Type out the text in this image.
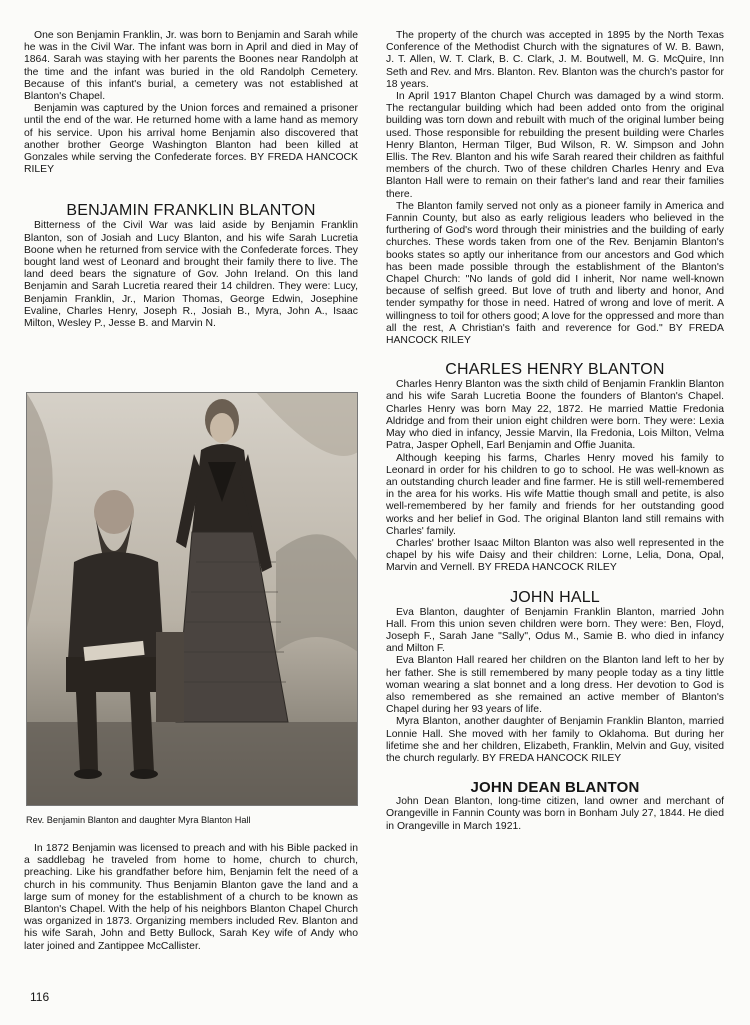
One son Benjamin Franklin, Jr. was born to Benjamin and Sarah while he was in the Civil War. The infant was born in April and died in May of 1864. Sarah was staying with her parents the Boones near Randolph at the time and the infant was buried in the old Randolph Cemetery. Because of this infant's burial, a cemetery was not established at Blanton's Chapel.

Benjamin was captured by the Union forces and remained a prisoner until the end of the war. He returned home with a lame hand as memory of his service. Upon his arrival home Benjamin also discovered that another brother George Washington Blanton had been killed at Gonzales while serving the Confederate forces. BY FREDA HANCOCK RILEY

BENJAMIN FRANKLIN BLANTON

Bitterness of the Civil War was laid aside by Benjamin Franklin Blanton, son of Josiah and Lucy Blanton, and his wife Sarah Lucretia Boone when he returned from service with the Confederate forces. They bought land west of Leonard and brought their family there to live. The land deed bears the signature of Gov. John Ireland. On this land Benjamin and Sarah Lucretia reared their 14 children. They were: Lucy, Benjamin Franklin, Jr., Marion Thomas, George Edwin, Josephine Evaline, Charles Henry, Joseph R., Josiah B., Myra, John A., Isaac Milton, Wesley P., Jesse B. and Marvin N.

Rev. Benjamin Blanton and daughter Myra Blanton Hall

In 1872 Benjamin was licensed to preach and with his Bible packed in a saddlebag he traveled from home to home, church to church, preaching. Like his grandfather before him, Benjamin felt the need of a church in his community. Thus Benjamin Blanton gave the land and a large sum of money for the establishment of a church to be known as Blanton's Chapel. With the help of his neighbors Blanton Chapel Church was organized in 1873. Organizing members included Rev. Blanton and his wife Sarah, John and Betty Bullock, Sarah Key wife of Andy who later joined and Zantippee McCallister.

116

The property of the church was accepted in 1895 by the North Texas Conference of the Methodist Church with the signatures of W. B. Bawn, J. T. Allen, W. T. Clark, B. C. Clark, J. M. Boutwell, M. G. McQuire, Inn Seth and Rev. and Mrs. Blanton. Rev. Blanton was the church's pastor for 18 years.

In April 1917 Blanton Chapel Church was damaged by a wind storm. The rectangular building which had been added onto from the original building was torn down and rebuilt with much of the original lumber being used. Those responsible for rebuilding the present building were Charles Henry Blanton, Herman Tilger, Bud Wilson, R. W. Simpson and John Ellis. The Rev. Blanton and his wife Sarah reared their children as faithful members of the church. Two of these children Charles Henry and Eva Blanton Hall were to remain on their father's land and rear their families there.

The Blanton family served not only as a pioneer family in America and Fannin County, but also as early religious leaders who believed in the furthering of God's word through their ministries and the building of early churches. These words taken from one of the Rev. Benjamin Blanton's books states so aptly our inheritance from our ancestors and God which has been made possible through the establishment of the Blanton's Chapel Church: "No lands of gold did I inherit, Nor name well-known because of selfish greed. But love of truth and liberty and honor, And tender sympathy for those in need. Hatred of wrong and love of merit. A willingness to toil for others good; A love for the oppressed and more than all the rest, A Christian's faith and reverence for God." BY FREDA HANCOCK RILEY

CHARLES HENRY BLANTON

Charles Henry Blanton was the sixth child of Benjamin Franklin Blanton and his wife Sarah Lucretia Boone the founders of Blanton's Chapel. Charles Henry was born May 22, 1872. He married Mattie Fredonia Aldridge and from their union eight children were born. They were: Lexia May who died in infancy, Jessie Marvin, Ila Fredonia, Lois Milton, Velma Patra, Jasper Ophell, Earl Benjamin and Offie Juanita.

Although keeping his farms, Charles Henry moved his family to Leonard in order for his children to go to school. He was well-known as an outstanding church leader and fine farmer. He is still well-remembered in the area for his works. His wife Mattie though small and petite, is also well-remembered by her family and friends for her outstanding good works and her belief in God. The original Blanton land still remains with Charles' family.

Charles' brother Isaac Milton Blanton was also well represented in the chapel by his wife Daisy and their children: Lorne, Lelia, Dona, Opal, Marvin and Vernell. BY FREDA HANCOCK RILEY

JOHN HALL

Eva Blanton, daughter of Benjamin Franklin Blanton, married John Hall. From this union seven children were born. They were: Ben, Floyd, Joseph F., Sarah Jane "Sally", Odus M., Samie B. who died in infancy and Milton F.

Eva Blanton Hall reared her children on the Blanton land left to her by her father. She is still remembered by many people today as a tiny little woman wearing a slat bonnet and a long dress. Her devotion to God is also remembered as she remained an active member of Blanton's Chapel during her 93 years of life.

Myra Blanton, another daughter of Benjamin Franklin Blanton, married Lonnie Hall. She moved with her family to Oklahoma. But during her lifetime she and her children, Elizabeth, Franklin, Melvin and Guy, visited the church regularly. BY FREDA HANCOCK RILEY

JOHN DEAN BLANTON

John Dean Blanton, long-time citizen, land owner and merchant of Orangeville in Fannin County was born in Bonham July 27, 1844. He died in Orangeville in March 1921.
